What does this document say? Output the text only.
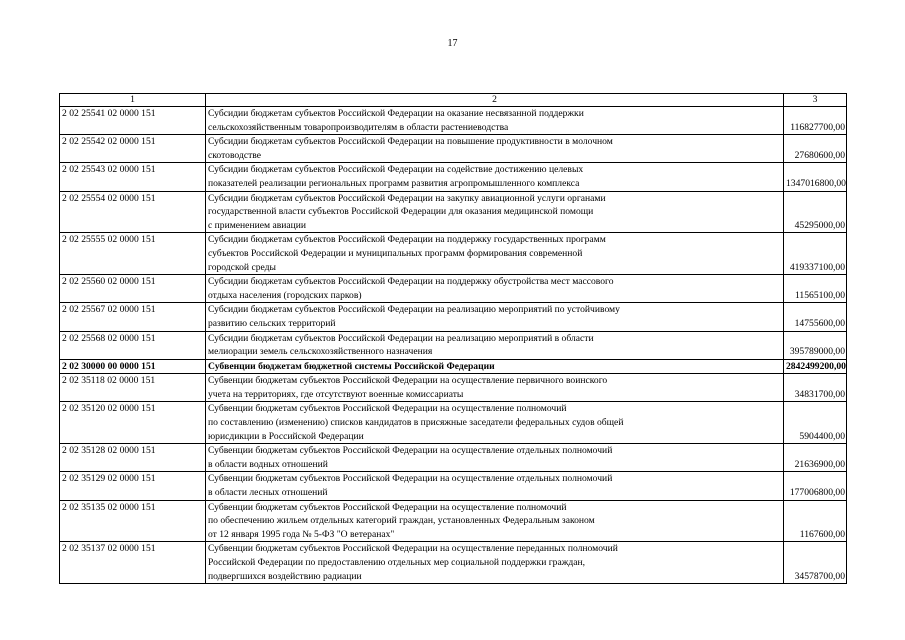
17
1	2	3
2 02 25541 02 0000 151	Субсидии бюджетам субъектов Российской Федерации на оказание несвязанной поддержки
сельскохозяйственным товаропроизводителям в области растениеводства	116827700,00
2 02 25542 02 0000 151	Субсидии бюджетам субъектов Российской Федерации на повышение продуктивности в молочном
скотоводстве	27680600,00
2 02 25543 02 0000 151	Субсидии бюджетам субъектов Российской Федерации на содействие достижению целевых
показателей реализации региональных программ развития агропромышленного комплекса	1347016800,00
2 02 25554 02 0000 151	Субсидии бюджетам субъектов Российской Федерации на закупку авиационной услуги органами
государственной власти субъектов Российской Федерации для оказания медицинской помощи
с применением авиации	45295000,00
2 02 25555 02 0000 151	Субсидии бюджетам субъектов Российской Федерации на поддержку государственных программ
субъектов Российской Федерации и муниципальных программ формирования современной
городской среды	419337100,00
2 02 25560 02 0000 151	Субсидии бюджетам субъектов Российской Федерации на поддержку обустройства мест массового
отдыха населения (городских парков)	11565100,00
2 02 25567 02 0000 151	Субсидии бюджетам субъектов Российской Федерации на реализацию мероприятий по устойчивому
развитию сельских территорий	14755600,00
2 02 25568 02 0000 151	Субсидии бюджетам субъектов Российской Федерации на реализацию мероприятий в области
мелиорации земель сельскохозяйственного назначения	395789000,00
2 02 30000 00 0000 151	Субвенции бюджетам бюджетной системы Российской Федерации	2842499200,00
2 02 35118 02 0000 151	Субвенции бюджетам субъектов Российской Федерации на осуществление первичного воинского
учета на территориях, где отсутствуют военные комиссариаты	34831700,00
2 02 35120 02 0000 151	Субвенции бюджетам субъектов Российской Федерации на осуществление полномочий
по составлению (изменению) списков кандидатов в присяжные заседатели федеральных судов общей
юрисдикции в Российской Федерации	5904400,00
2 02 35128 02 0000 151	Субвенции бюджетам субъектов Российской Федерации на осуществление отдельных полномочий
в области водных отношений	21636900,00
2 02 35129 02 0000 151	Субвенции бюджетам субъектов Российской Федерации на осуществление отдельных полномочий
в области лесных отношений	177006800,00
2 02 35135 02 0000 151	Субвенции бюджетам субъектов Российской Федерации на осуществление полномочий
по обеспечению жильем отдельных категорий граждан, установленных Федеральным законом
от 12 января 1995 года № 5-ФЗ "О ветеранах"	1167600,00
2 02 35137 02 0000 151	Субвенции бюджетам субъектов Российской Федерации на осуществление переданных полномочий
Российской Федерации по предоставлению отдельных мер социальной поддержки граждан,
подвергшихся воздействию радиации	34578700,00
